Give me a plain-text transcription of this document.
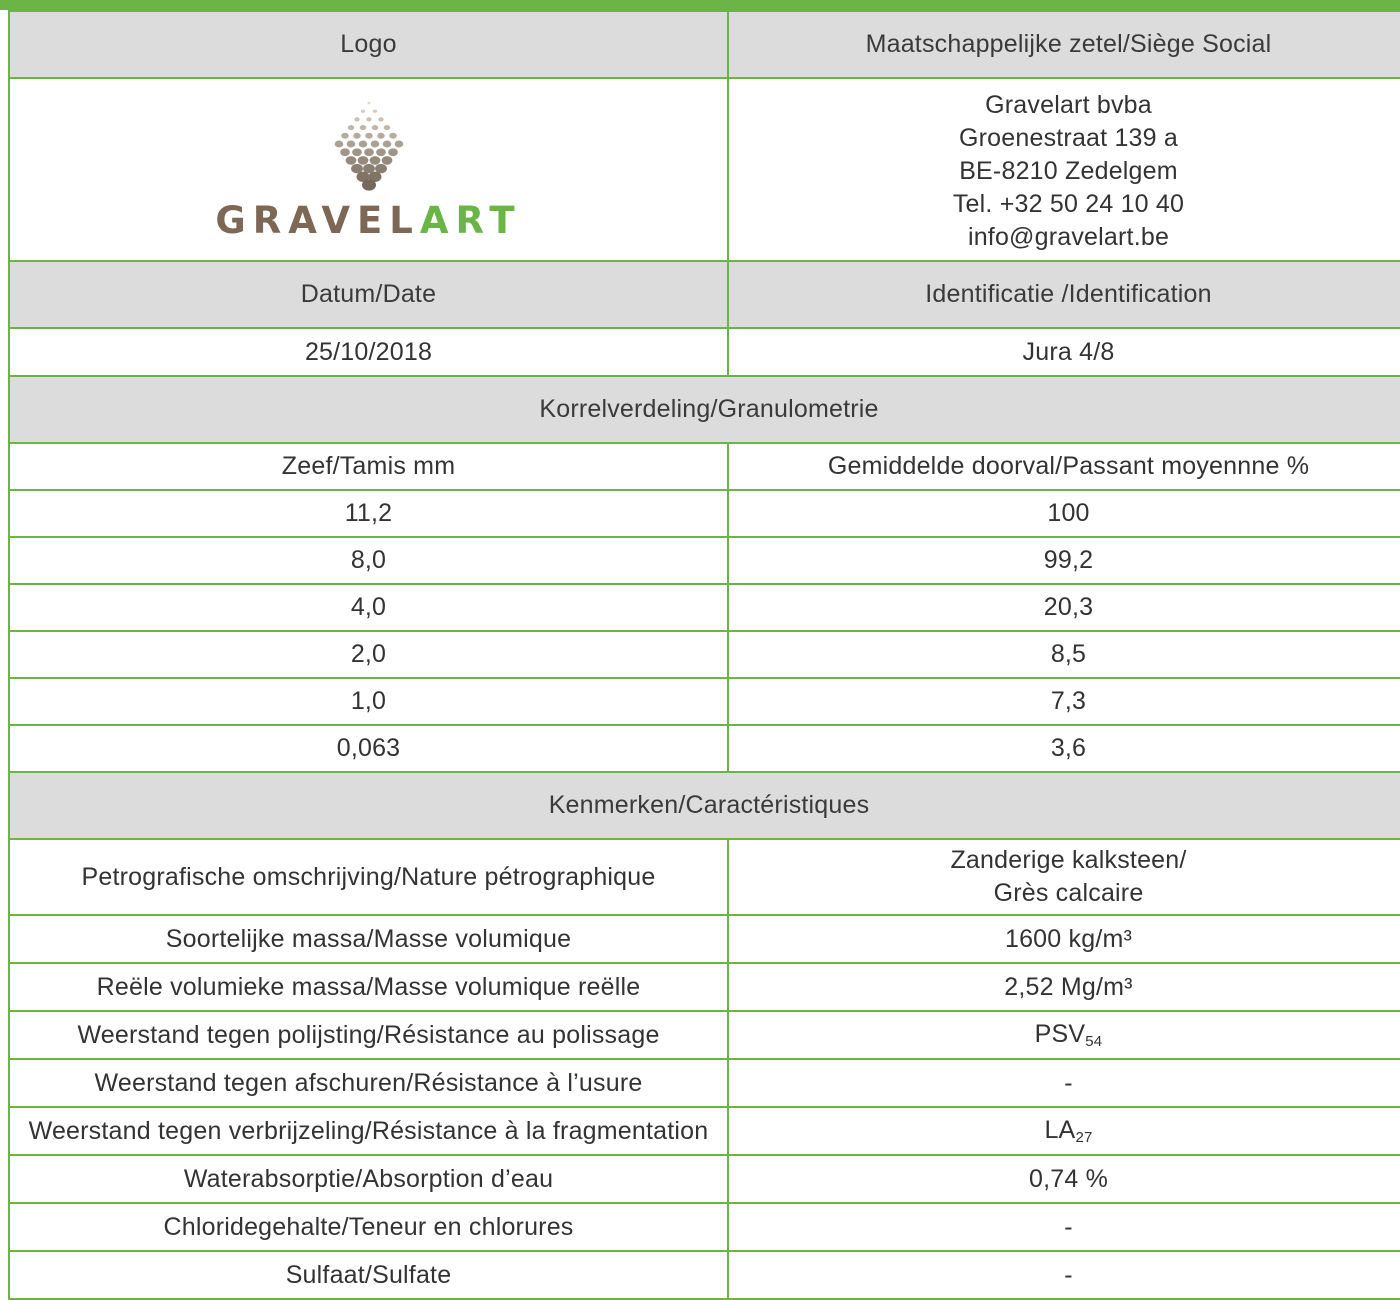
Logo	Maatschappelijke zetel/Siège Social

GRAVELART	Gravelart bvba
Groenestraat 139 a
BE-8210 Zedelgem
Tel. +32 50 24 10 40
info@gravelart.be

Datum/Date	Identificatie /Identification
25/10/2018	Jura 4/8
Korrelverdeling/Granulometrie	
Zeef/Tamis mm	Gemiddelde doorval/Passant moyennne %
11,2	100
8,0	99,2
4,0	20,3
2,0	8,5
1,0	7,3
0,063	3,6
Kenmerken/Caractéristiques	
Petrografische omschrijving/Nature pétrographique	Zanderige kalksteen/
Grès calcaire

Soortelijke massa/Masse volumique	1600 kg/m³
Reële volumieke massa/Masse volumique reëlle	2,52 Mg/m³
Weerstand tegen polijsting/Résistance au polissage	$PSV_{54}$
Weerstand tegen afschuren/Résistance à l’usure	-
Weerstand tegen verbrijzeling/Résistance à la fragmentation	$LA_{27}$
Waterabsorptie/Absorption d’eau	0,74 %
Chloridegehalte/Teneur en chlorures	-
Sulfaat/Sulfate	-
